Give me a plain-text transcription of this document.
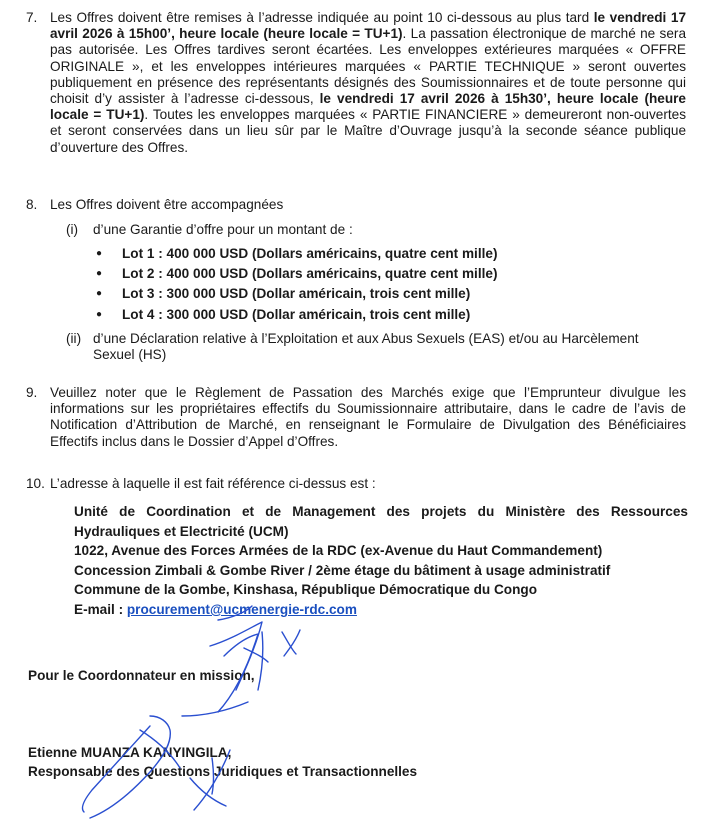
7. Les Offres doivent être remises à l’adresse indiquée au point 10 ci-dessous au plus tard le vendredi 17 avril 2026 à 15h00’, heure locale (heure locale = TU+1). La passation électronique de marché ne sera pas autorisée. Les Offres tardives seront écartées. Les enveloppes extérieures marquées « OFFRE ORIGINALE », et les enveloppes intérieures marquées « PARTIE TECHNIQUE » seront ouvertes publiquement en présence des représentants désignés des Soumissionnaires et de toute personne qui choisit d’y assister à l’adresse ci-dessous, le vendredi 17 avril 2026 à 15h30’, heure locale (heure locale = TU+1). Toutes les enveloppes marquées « PARTIE FINANCIERE » demeureront non-ouvertes et seront conservées dans un lieu sûr par le Maître d’Ouvrage jusqu’à la seconde séance publique d’ouverture des Offres.
8. Les Offres doivent être accompagnées
(i) d’une Garantie d’offre pour un montant de :
● Lot 1 : 400 000 USD (Dollars américains, quatre cent mille)
● Lot 2 : 400 000 USD (Dollars américains, quatre cent mille)
● Lot 3 : 300 000 USD (Dollar américain, trois cent mille)
● Lot 4 : 300 000 USD (Dollar américain, trois cent mille)
(ii) d’une Déclaration relative à l’Exploitation et aux Abus Sexuels (EAS) et/ou au Harcèlement Sexuel (HS)
9. Veuillez noter que le Règlement de Passation des Marchés exige que l’Emprunteur divulgue les informations sur les propriétaires effectifs du Soumissionnaire attributaire, dans le cadre de l’avis de Notification d’Attribution de Marché, en renseignant le Formulaire de Divulgation des Bénéficiaires Effectifs inclus dans le Dossier d’Appel d’Offres.
10. L’adresse à laquelle il est fait référence ci-dessus est :

Unité de Coordination et de Management des projets du Ministère des Ressources

Hydrauliques et Electricité (UCM)

1022, Avenue des Forces Armées de la RDC (ex-Avenue du Haut Commandement)

Concession Zimbali & Gombe River / 2ème étage du bâtiment à usage administratif

Commune de la Gombe, Kinshasa, République Démocratique du Congo

E-mail : procurement@ucmenergie-rdc.com

Pour le Coordonnateur en mission,
Etienne MUANZA KANYINGILA,
Responsable des Questions Juridiques et Transactionnelles
